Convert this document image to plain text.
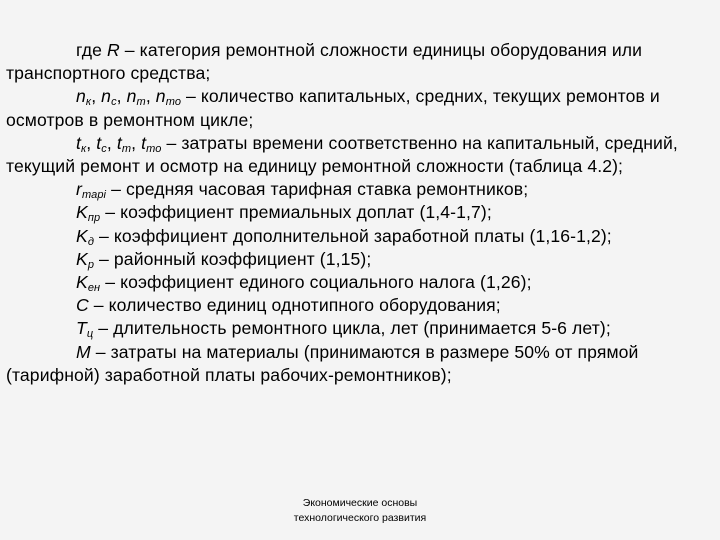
где R – категория ремонтной сложности единицы оборудования или транспортного средства;

$n_к$, $n_с$, $n_т$, $n_{то}$ – количество капитальных, средних, текущих ремонтов и осмотров в ремонтном цикле;

$t_к$, $t_с$, $t_т$, $t_{то}$ – затраты времени соответственно на капитальный, средний, текущий ремонт и осмотр на единицу ремонтной сложности (таблица 4.2);

$r_{тарi}$ – средняя часовая тарифная ставка ремонтников;

$K_{пр}$ – коэффициент премиальных доплат (1,4-1,7);

$K_д$ – коэффициент дополнительной заработной платы (1,16-1,2);

$K_р$ – районный коэффициент (1,15);

$K_{ен}$ – коэффициент единого социального налога (1,26);

C – количество единиц однотипного оборудования;

$T_ц$ – длительность ремонтного цикла, лет (принимается 5-6 лет);

M – затраты на материалы (принимаются в размере 50% от прямой (тарифной) заработной платы рабочих-ремонтников);

Экономические основы
технологического развития
